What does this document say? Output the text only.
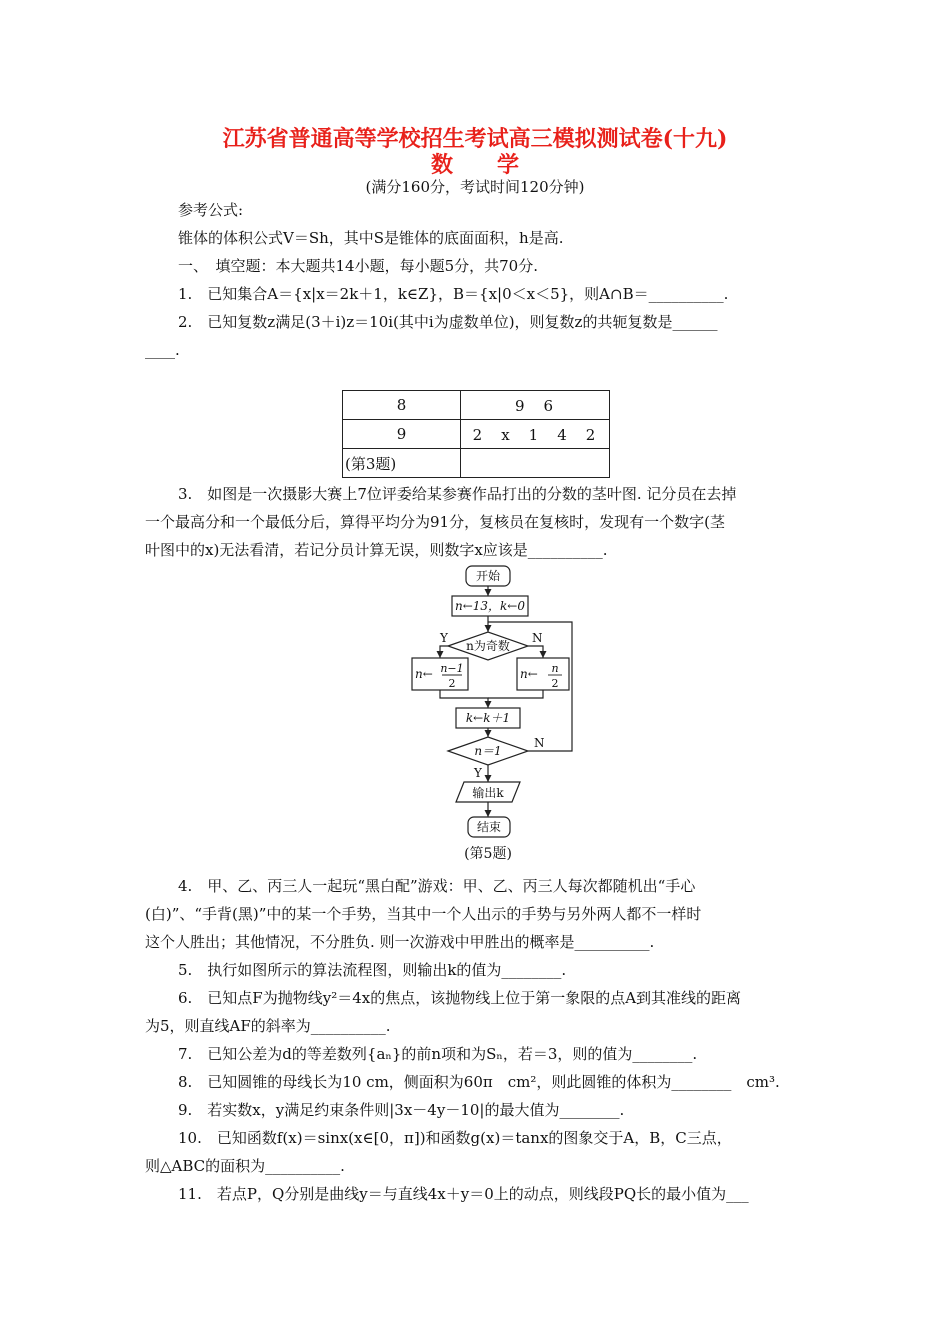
江苏省普通高等学校招生考试高三模拟测试卷(十九)
数　　学
(满分160分，考试时间120分钟)
参考公式:
锥体的体积公式V＝Sh，其中S是锥体的底面面积，h是高.
一、　填空题：本大题共14小题，每小题5分，共70分.
1.　已知集合A＝{x|x＝2k＋1，k∈Z}，B＝{x|0＜x＜5}，则A∩B＝__________.
2.　已知复数z满足(3＋i)z＝10i(其中i为虚数单位)，则复数z的共轭复数是______
____.
8	9　6
9	2　x　1　4　2
(第3题)	
3.　如图是一次摄影大赛上7位评委给某参赛作品打出的分数的茎叶图. 记分员在去掉
一个最高分和一个最低分后，算得平均分为91分，复核员在复核时，发现有一个数字(茎
叶图中的x)无法看清，若记分员计算无误，则数字x应该是__________.
开始
n←13，k←0
n为奇数
Y	N
n← n−1
2
n← n
2
k←k＋1
n＝1
N
Y
输出k
结束
(第5题)
4.　甲、乙、丙三人一起玩“黑白配”游戏：甲、乙、丙三人每次都随机出“手心
(白)”、“手背(黑)”中的某一个手势，当其中一个人出示的手势与另外两人都不一样时
这个人胜出；其他情况，不分胜负. 则一次游戏中甲胜出的概率是__________.
5.　执行如图所示的算法流程图，则输出k的值为________.
6.　已知点F为抛物线y²＝4x的焦点，该抛物线上位于第一象限的点A到其准线的距离
为5，则直线AF的斜率为__________.
7.　已知公差为d的等差数列{aₙ}的前n项和为Sₙ，若＝3，则的值为________.
8.　已知圆锥的母线长为10 cm，侧面积为60π　cm²，则此圆锥的体积为________　cm³.
9.　若实数x，y满足约束条件则|3x－4y－10|的最大值为________.
10.　已知函数f(x)＝sinx(x∈[0，π])和函数g(x)＝tanx的图象交于A，B，C三点，
则△ABC的面积为__________.
11.　若点P，Q分别是曲线y＝与直线4x＋y＝0上的动点，则线段PQ长的最小值为___
